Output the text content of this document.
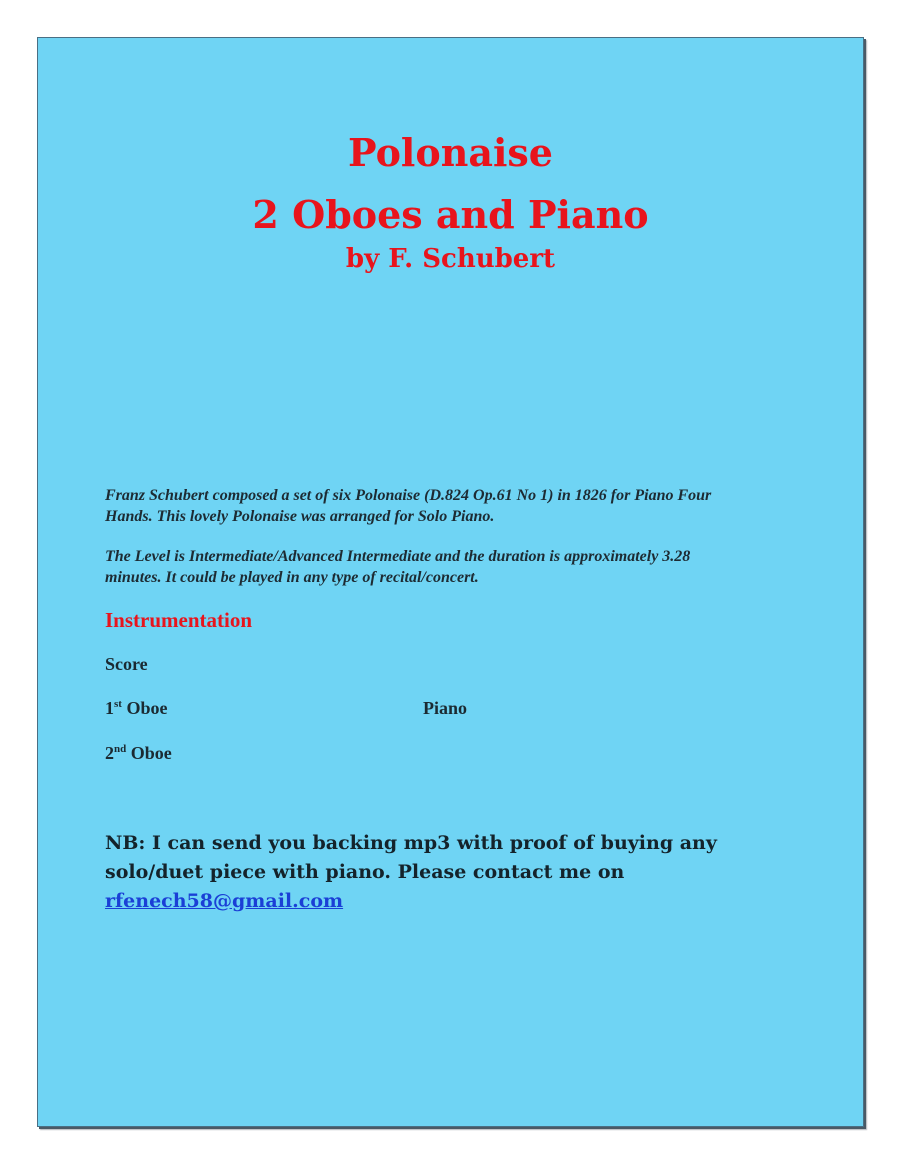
Polonaise
2 Oboes and Piano
by F. Schubert
Franz Schubert composed a set of six Polonaise (D.824 Op.61 No 1) in 1826 for Piano Four
Hands. This lovely Polonaise was arranged for Solo Piano.
The Level is Intermediate/Advanced Intermediate and the duration is approximately 3.28
minutes. It could be played in any type of recital/concert.
Instrumentation
Score
1st Oboe	Piano
2nd Oboe
NB: I can send you backing mp3 with proof of buying any solo/duet piece with piano. Please contact me on rfenech58@gmail.com
